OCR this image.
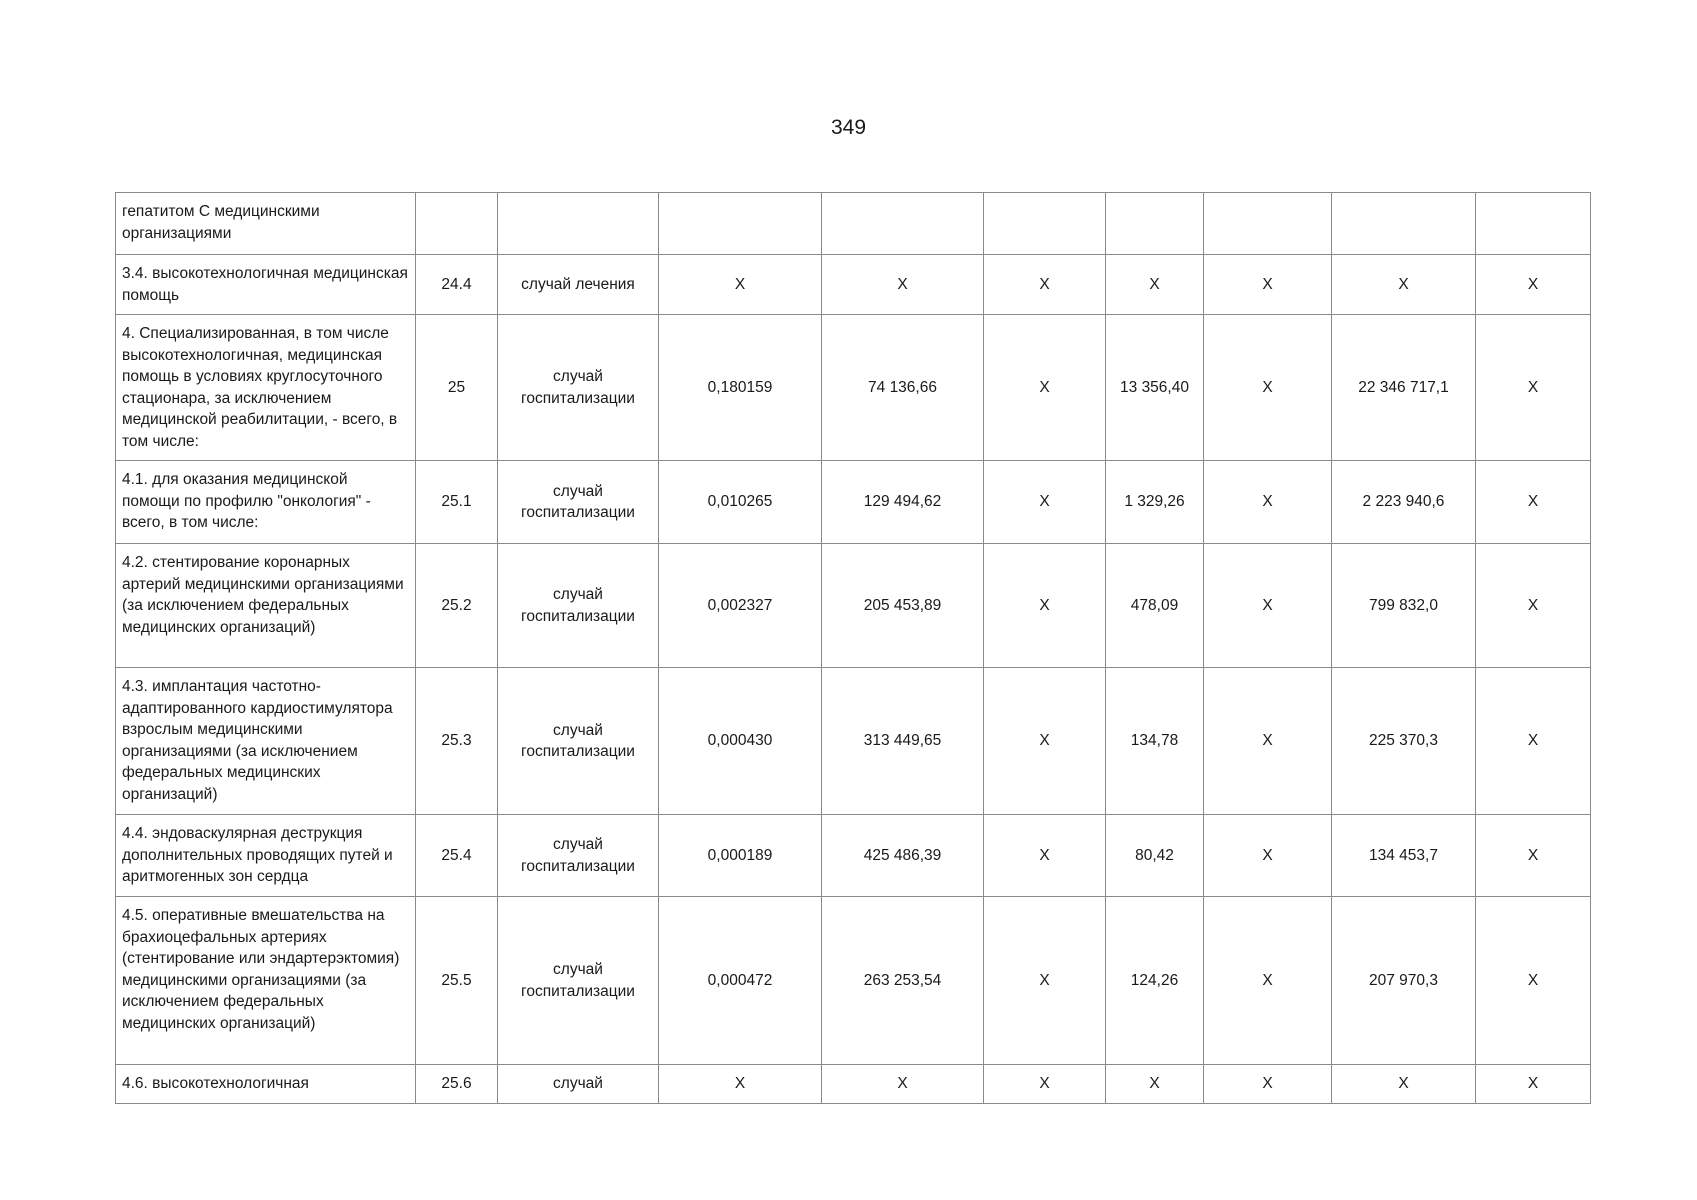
349
гепатитом С медицинскими организациями									
3.4. высокотехнологичная медицинская помощь	24.4	случай лечения	Х	Х	Х	Х	Х	Х	Х
4. Специализированная, в том числе высокотехнологичная, медицинская помощь в условиях круглосуточного стационара, за исключением медицинской реабилитации, - всего, в том числе:	25	случай госпитализации	0,180159	74 136,66	Х	13 356,40	Х	22 346 717,1	Х
4.1. для оказания медицинской помощи по профилю "онкология" - всего, в том числе:	25.1	случай госпитализации	0,010265	129 494,62	Х	1 329,26	Х	2 223 940,6	Х
4.2. стентирование коронарных артерий медицинскими организациями (за исключением федеральных медицинских организаций)	25.2	случай госпитализации	0,002327	205 453,89	Х	478,09	Х	799 832,0	Х
4.3. имплантация частотно-адаптированного кардиостимулятора взрослым медицинскими организациями (за исключением федеральных медицинских организаций)	25.3	случай госпитализации	0,000430	313 449,65	Х	134,78	Х	225 370,3	Х
4.4. эндоваскулярная деструкция дополнительных проводящих путей и аритмогенных зон сердца	25.4	случай госпитализации	0,000189	425 486,39	Х	80,42	Х	134 453,7	Х
4.5. оперативные вмешательства на брахиоцефальных артериях (стентирование или эндартерэктомия) медицинскими организациями (за исключением федеральных медицинских организаций)	25.5	случай госпитализации	0,000472	263 253,54	Х	124,26	Х	207 970,3	Х
4.6. высокотехнологичная	25.6	случай	Х	Х	Х	Х	Х	Х	Х
